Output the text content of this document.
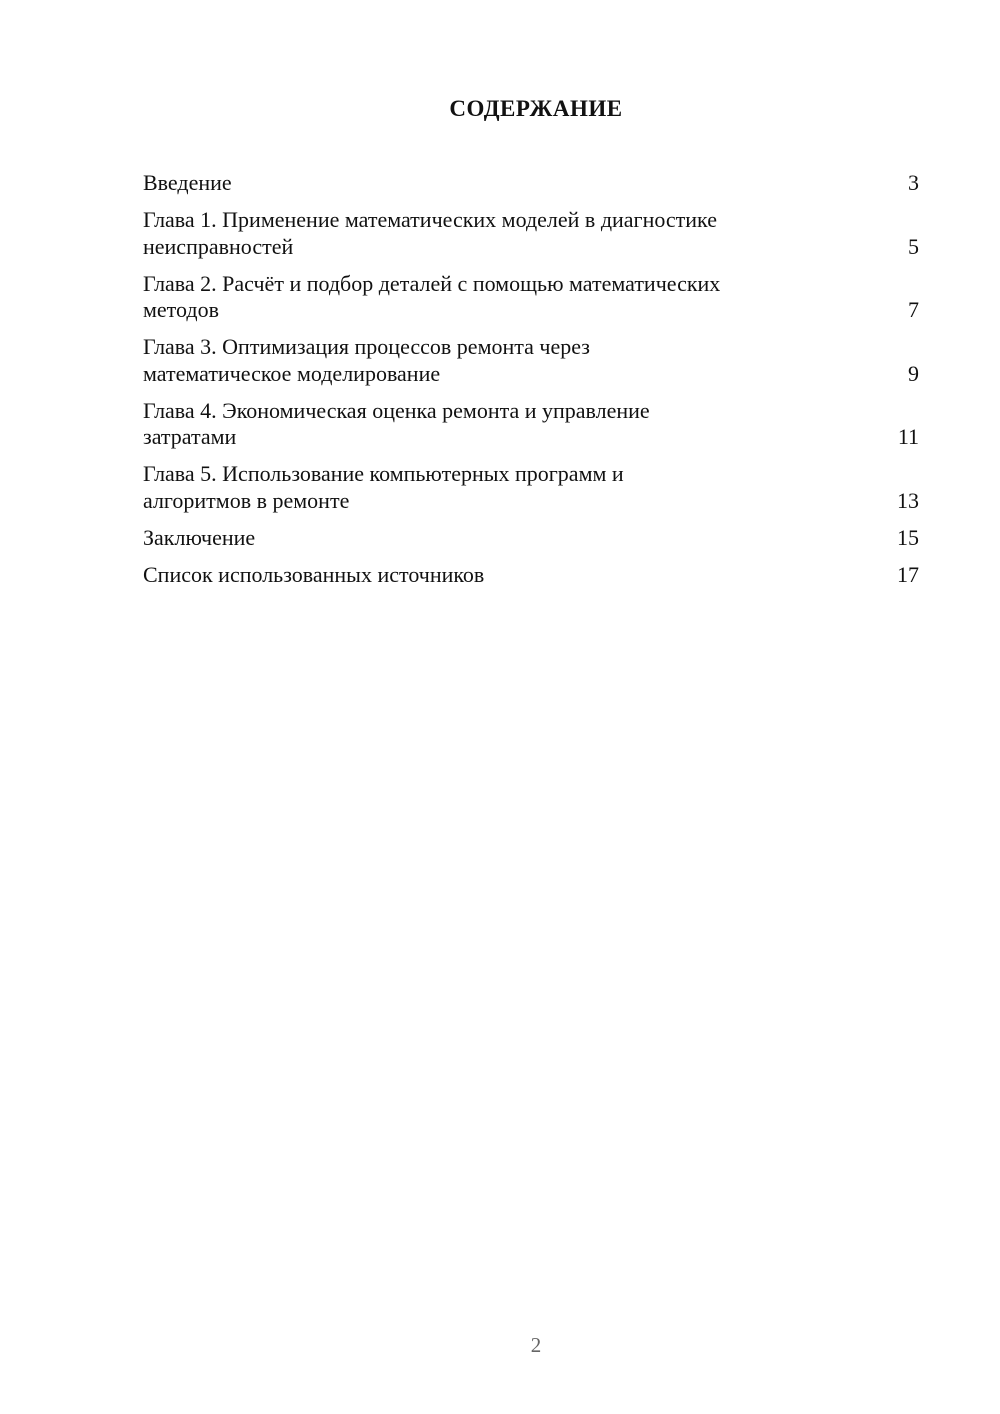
СОДЕРЖАНИЕ
Введение	3
Глава 1. Применение математических моделей в диагностике
неисправностей	5
Глава 2. Расчёт и подбор деталей с помощью математических
методов	7
Глава 3. Оптимизация процессов ремонта через
математическое моделирование	9
Глава 4. Экономическая оценка ремонта и управление
затратами	11
Глава 5. Использование компьютерных программ и
алгоритмов в ремонте	13
Заключение	15
Список использованных источников	17
2
